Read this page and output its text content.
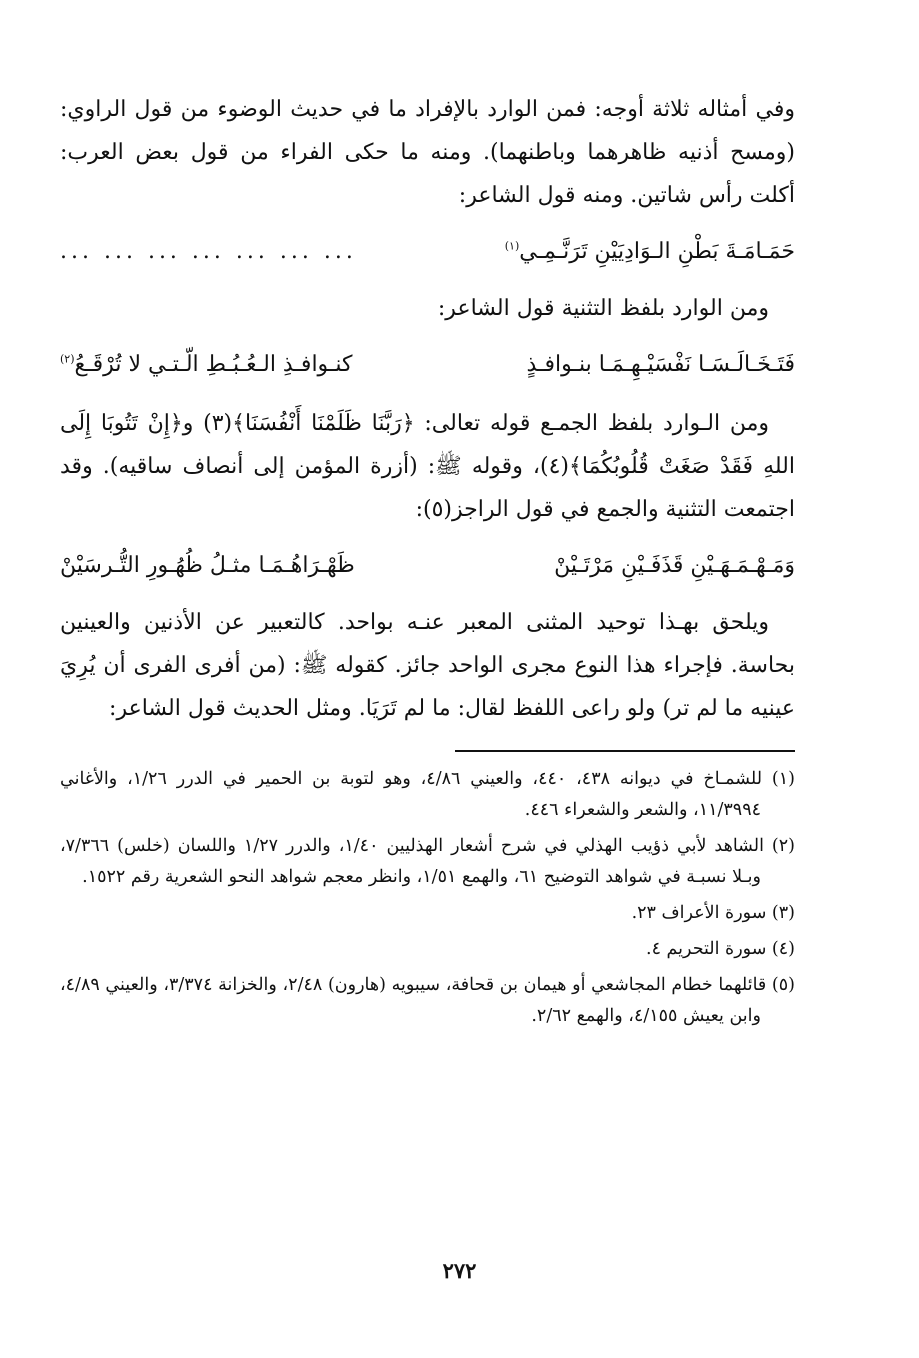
وفي أمثاله ثلاثة أوجه: فمن الوارد بالإفراد ما في حديث الوضوء من قول الراوي: (ومسح أذنيه ظاهرهما وباطنهما). ومنه ما حكى الفراء من قول بعض العرب: أكلت رأس شاتين. ومنه قول الشاعر:

حَمَـامَـةَ بَطْنِ الـوَادِيَيْنِ تَرَنَّـمِـي$^{(١)}$
... ... ... ... ... ... ...

ومن الوارد بلفظ التثنية قول الشاعر:

فَتَـخَـالَـسَـا نَفْسَيْـهِـمَـا بنـوافـذٍ
كنـوافـذِ الـعُـبُـطِ الّـتـي لا تُرْقَـعُ$^{(٢)}$

ومن الـوارد بلفظ الجمـع قوله تعالى: ﴿رَبَّنَا ظَلَمْنَا أَنْفُسَنَا﴾(٣) و﴿إِنْ تَتُوبَا إِلَى اللهِ فَقَدْ صَغَتْ قُلُوبُكُمَا﴾(٤)، وقوله ﷺ: (أزرة المؤمن إلى أنصاف ساقيه). وقد اجتمعت التثنية والجمع في قول الراجز(٥):

وَمَـهْـمَـهَـيْنِ قَذَفَـيْنِ مَرْتَـيْنْ
ظَهْـرَاهُـمَـا مثـلُ ظُهُـورِ التُّـرسَيْنْ

ويلحق بهـذا توحيد المثنى المعبر عنـه بواحد. كالتعبير عن الأذنين والعينين بحاسة. فإجراء هذا النوع مجرى الواحد جائز. كقوله ﷺ: (من أفرى الفرى أن يُرِيَ عينيه ما لم تر) ولو راعى اللفظ لقال: ما لم تَرَيَا. ومثل الحديث قول الشاعر:

(١) للشمـاخ في ديوانه ٤٣٨، ٤٤٠، والعيني ٤/٨٦، وهو لتوبة بن الحمير في الدرر ١/٢٦، والأغاني ١١/٣٩٩٤، والشعر والشعراء ٤٤٦.

(٢) الشاهد لأبي ذؤيب الهذلي في شرح أشعار الهذليين ١/٤٠، والدرر ١/٢٧ واللسان (خلس) ٧/٣٦٦، وبـلا نسبـة في شواهد التوضيح ٦١، والهمع ١/٥١، وانظر معجم شواهد النحو الشعرية رقم ١٥٢٢.

(٣) سورة الأعراف ٢٣.

(٤) سورة التحريم ٤.

(٥) قائلهما خطام المجاشعي أو هيمان بن قحافة، سيبويه (هارون) ٢/٤٨، والخزانة ٣/٣٧٤، والعيني ٤/٨٩، وابن يعيش ٤/١٥٥، والهمع ٢/٦٢.

٢٧٢
